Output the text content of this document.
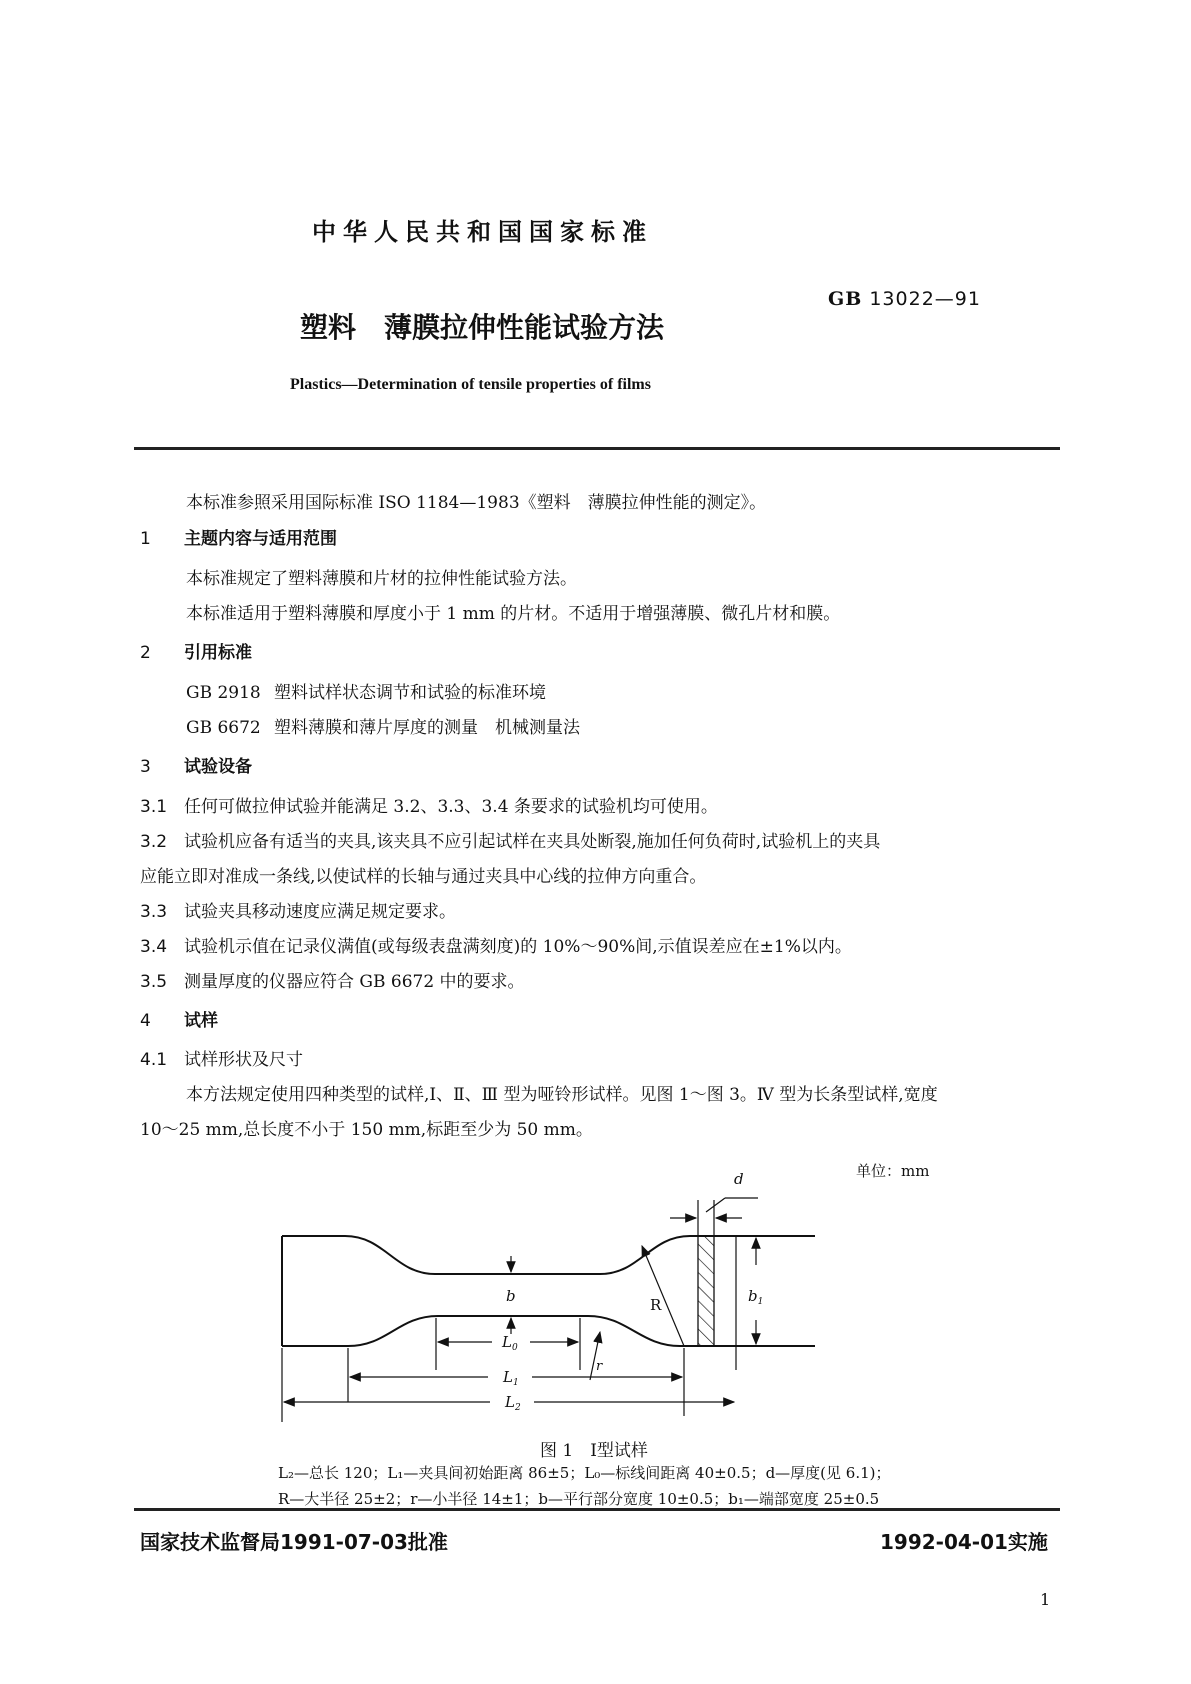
中华人民共和国国家标准
GB 13022—91
塑料　薄膜拉伸性能试验方法
Plastics—Determination of tensile properties of films
本标准参照采用国际标准 ISO 1184—1983《塑料　薄膜拉伸性能的测定》。
1 主题内容与适用范围
本标准规定了塑料薄膜和片材的拉伸性能试验方法。
本标准适用于塑料薄膜和厚度小于 1 mm 的片材。不适用于增强薄膜、微孔片材和膜。
2 引用标准
GB 2918 塑料试样状态调节和试验的标准环境
GB 6672 塑料薄膜和薄片厚度的测量　机械测量法
3 试验设备
3.1 任何可做拉伸试验并能满足 3.2、3.3、3.4 条要求的试验机均可使用。
3.2 试验机应备有适当的夹具,该夹具不应引起试样在夹具处断裂,施加任何负荷时,试验机上的夹具
应能立即对准成一条线,以使试样的长轴与通过夹具中心线的拉伸方向重合。
3.3 试验夹具移动速度应满足规定要求。
3.4 试验机示值在记录仪满值(或每级表盘满刻度)的 10%～90%间,示值误差应在±1%以内。
3.5 测量厚度的仪器应符合 GB 6672 中的要求。
4 试样
4.1 试样形状及尺寸
本方法规定使用四种类型的试样,Ⅰ、Ⅱ、Ⅲ 型为哑铃形试样。见图 1～图 3。Ⅳ 型为长条型试样,宽度
10～25 mm,总长度不小于 150 mm,标距至少为 50 mm。
单位：mm
b	R	$b_1$
r
d
$L_0$
$L_1$
$L_2$
图 1　Ⅰ型试样
L₂—总长 120；L₁—夹具间初始距离 86±5；L₀—标线间距离 40±0.5；d—厚度(见 6.1)；
R—大半径 25±2；r—小半径 14±1；b—平行部分宽度 10±0.5；b₁—端部宽度 25±0.5
国家技术监督局1991-07-03批准	1992-04-01实施
1
